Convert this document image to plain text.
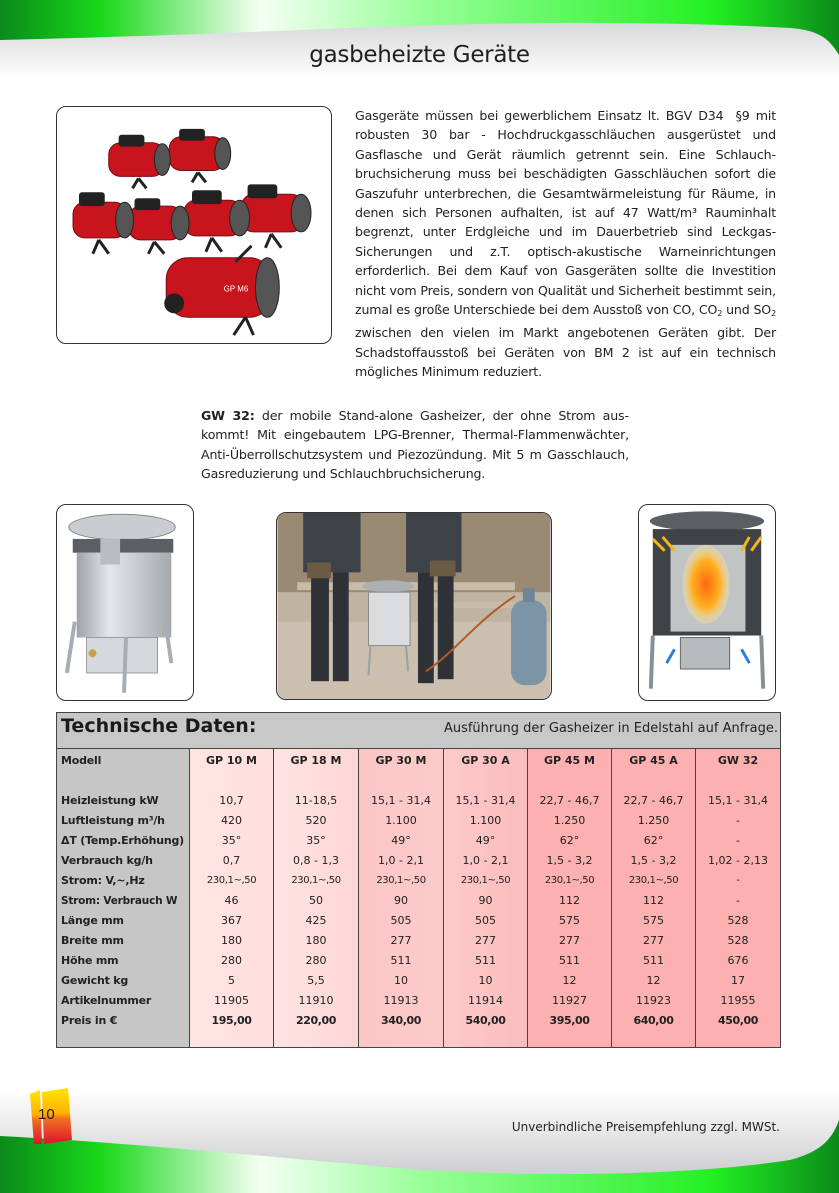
gasbeheizte Geräte
GP M6
Gasgeräte müssen bei gewerblichem Einsatz lt. BGV D34  §9 mit robusten 30 bar - Hochdruckgasschläuchen ausgerüstet und Gasflasche und Gerät räumlich getrennt sein. Eine Schlauchbruchsicherung muss bei beschädigten Gasschläuchen sofort die Gaszufuhr unterbrechen, die Gesamtwärmeleistung für Räume, in denen sich Personen aufhalten, ist auf 47 Watt/m³ Rauminhalt begrenzt, unter Erdgleiche und im Dauerbetrieb sind Leckgas-Sicherungen und z.T. optisch-akustische Warneinrichtungen erforderlich. Bei dem Kauf von Gasgeräten sollte die Investition nicht vom Preis, sondern von Qualität und Sicherheit bestimmt sein, zumal es große Unterschiede bei dem Ausstoß von CO, $CO_2$ und $SO_2$ zwischen den vielen im Markt angebotenen Geräten gibt. Der Schadstoffausstoß bei Geräten von BM 2 ist auf ein technisch mögliches Minimum reduziert.
GW 32: der mobile Stand-alone Gasheizer, der ohne Strom auskommt! Mit eingebautem LPG-Brenner, Thermal-Flammenwächter, Anti-Überrollschutzsystem und Piezozündung. Mit 5 m Gasschlauch, Gasreduzierung und Schlauchbruchsicherung.
Technische Daten:	Ausführung der Gasheizer in Edelstahl auf Anfrage.
Modell
Heizleistung kW
Luftleistung m³/h
ΔT (Temp.Erhöhung)
Verbrauch kg/h
Strom: V,~,Hz
Strom: Verbrauch W
Länge mm
Breite mm
Höhe mm
Gewicht kg
Artikelnummer
Preis in €
GP 10 M
10,7
420
35°
0,7
230,1~,50
46
367
180
280
5
11905
195,00
GP 18 M
11-18,5
520
35°
0,8 - 1,3
230,1~,50
50
425
180
280
5,5
11910
220,00
GP 30 M
15,1 - 31,4
1.100
49°
1,0 - 2,1
230,1~,50
90
505
277
511
10
11913
340,00
GP 30 A
15,1 - 31,4
1.100
49°
1,0 - 2,1
230,1~,50
90
505
277
511
10
11914
540,00
GP 45 M
22,7 - 46,7
1.250
62°
1,5 - 3,2
230,1~,50
112
575
277
511
12
11927
395,00
GP 45 A
22,7 - 46,7
1.250
62°
1,5 - 3,2
230,1~,50
112
575
277
511
12
11923
640,00
GW 32
15,1 - 31,4
-
-
1,02 - 2,13
-
-
528
528
676
17
11955
450,00
10
Unverbindliche Preisempfehlung zzgl. MWSt.
